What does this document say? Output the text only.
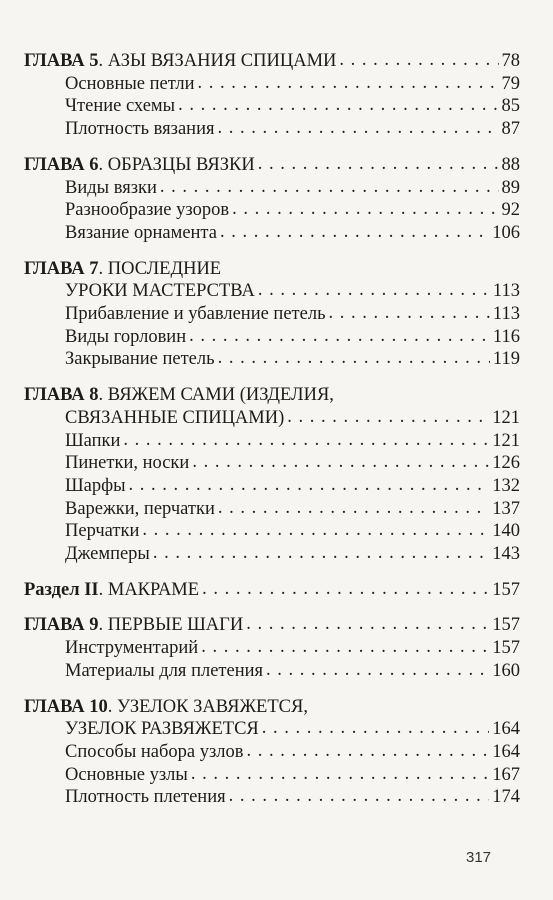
ГЛАВА 5. АЗЫ ВЯЗАНИЯ СПИЦАМИ . . .	78
Основные петли . . .	79
Чтение схемы . . .	85
Плотность вязания . . .	87
ГЛАВА 6. ОБРАЗЦЫ ВЯЗКИ . . .	88
Виды вязки . . .	89
Разнообразие узоров . . .	92
Вязание орнамента . . .	106
ГЛАВА 7. ПОСЛЕДНИЕ
УРОКИ МАСТЕРСТВА . . .	113
Прибавление и убавление петель . . .	113
Виды горловин . . .	116
Закрывание петель . . .	119
ГЛАВА 8. ВЯЖЕМ САМИ (ИЗДЕЛИЯ,
СВЯЗАННЫЕ СПИЦАМИ) . . .	121
Шапки . . .	121
Пинетки, носки . . .	126
Шарфы . . .	132
Варежки, перчатки . . .	137
Перчатки . . .	140
Джемперы . . .	143
Раздел II. МАКРАМЕ . . .	157
ГЛАВА 9. ПЕРВЫЕ ШАГИ . . .	157
Инструментарий . . .	157
Материалы для плетения . . .	160
ГЛАВА 10. УЗЕЛОК ЗАВЯЖЕТСЯ,
УЗЕЛОК РАЗВЯЖЕТСЯ . . .	164
Способы набора узлов . . .	164
Основные узлы . . .	167
Плотность плетения . . .	174
317
